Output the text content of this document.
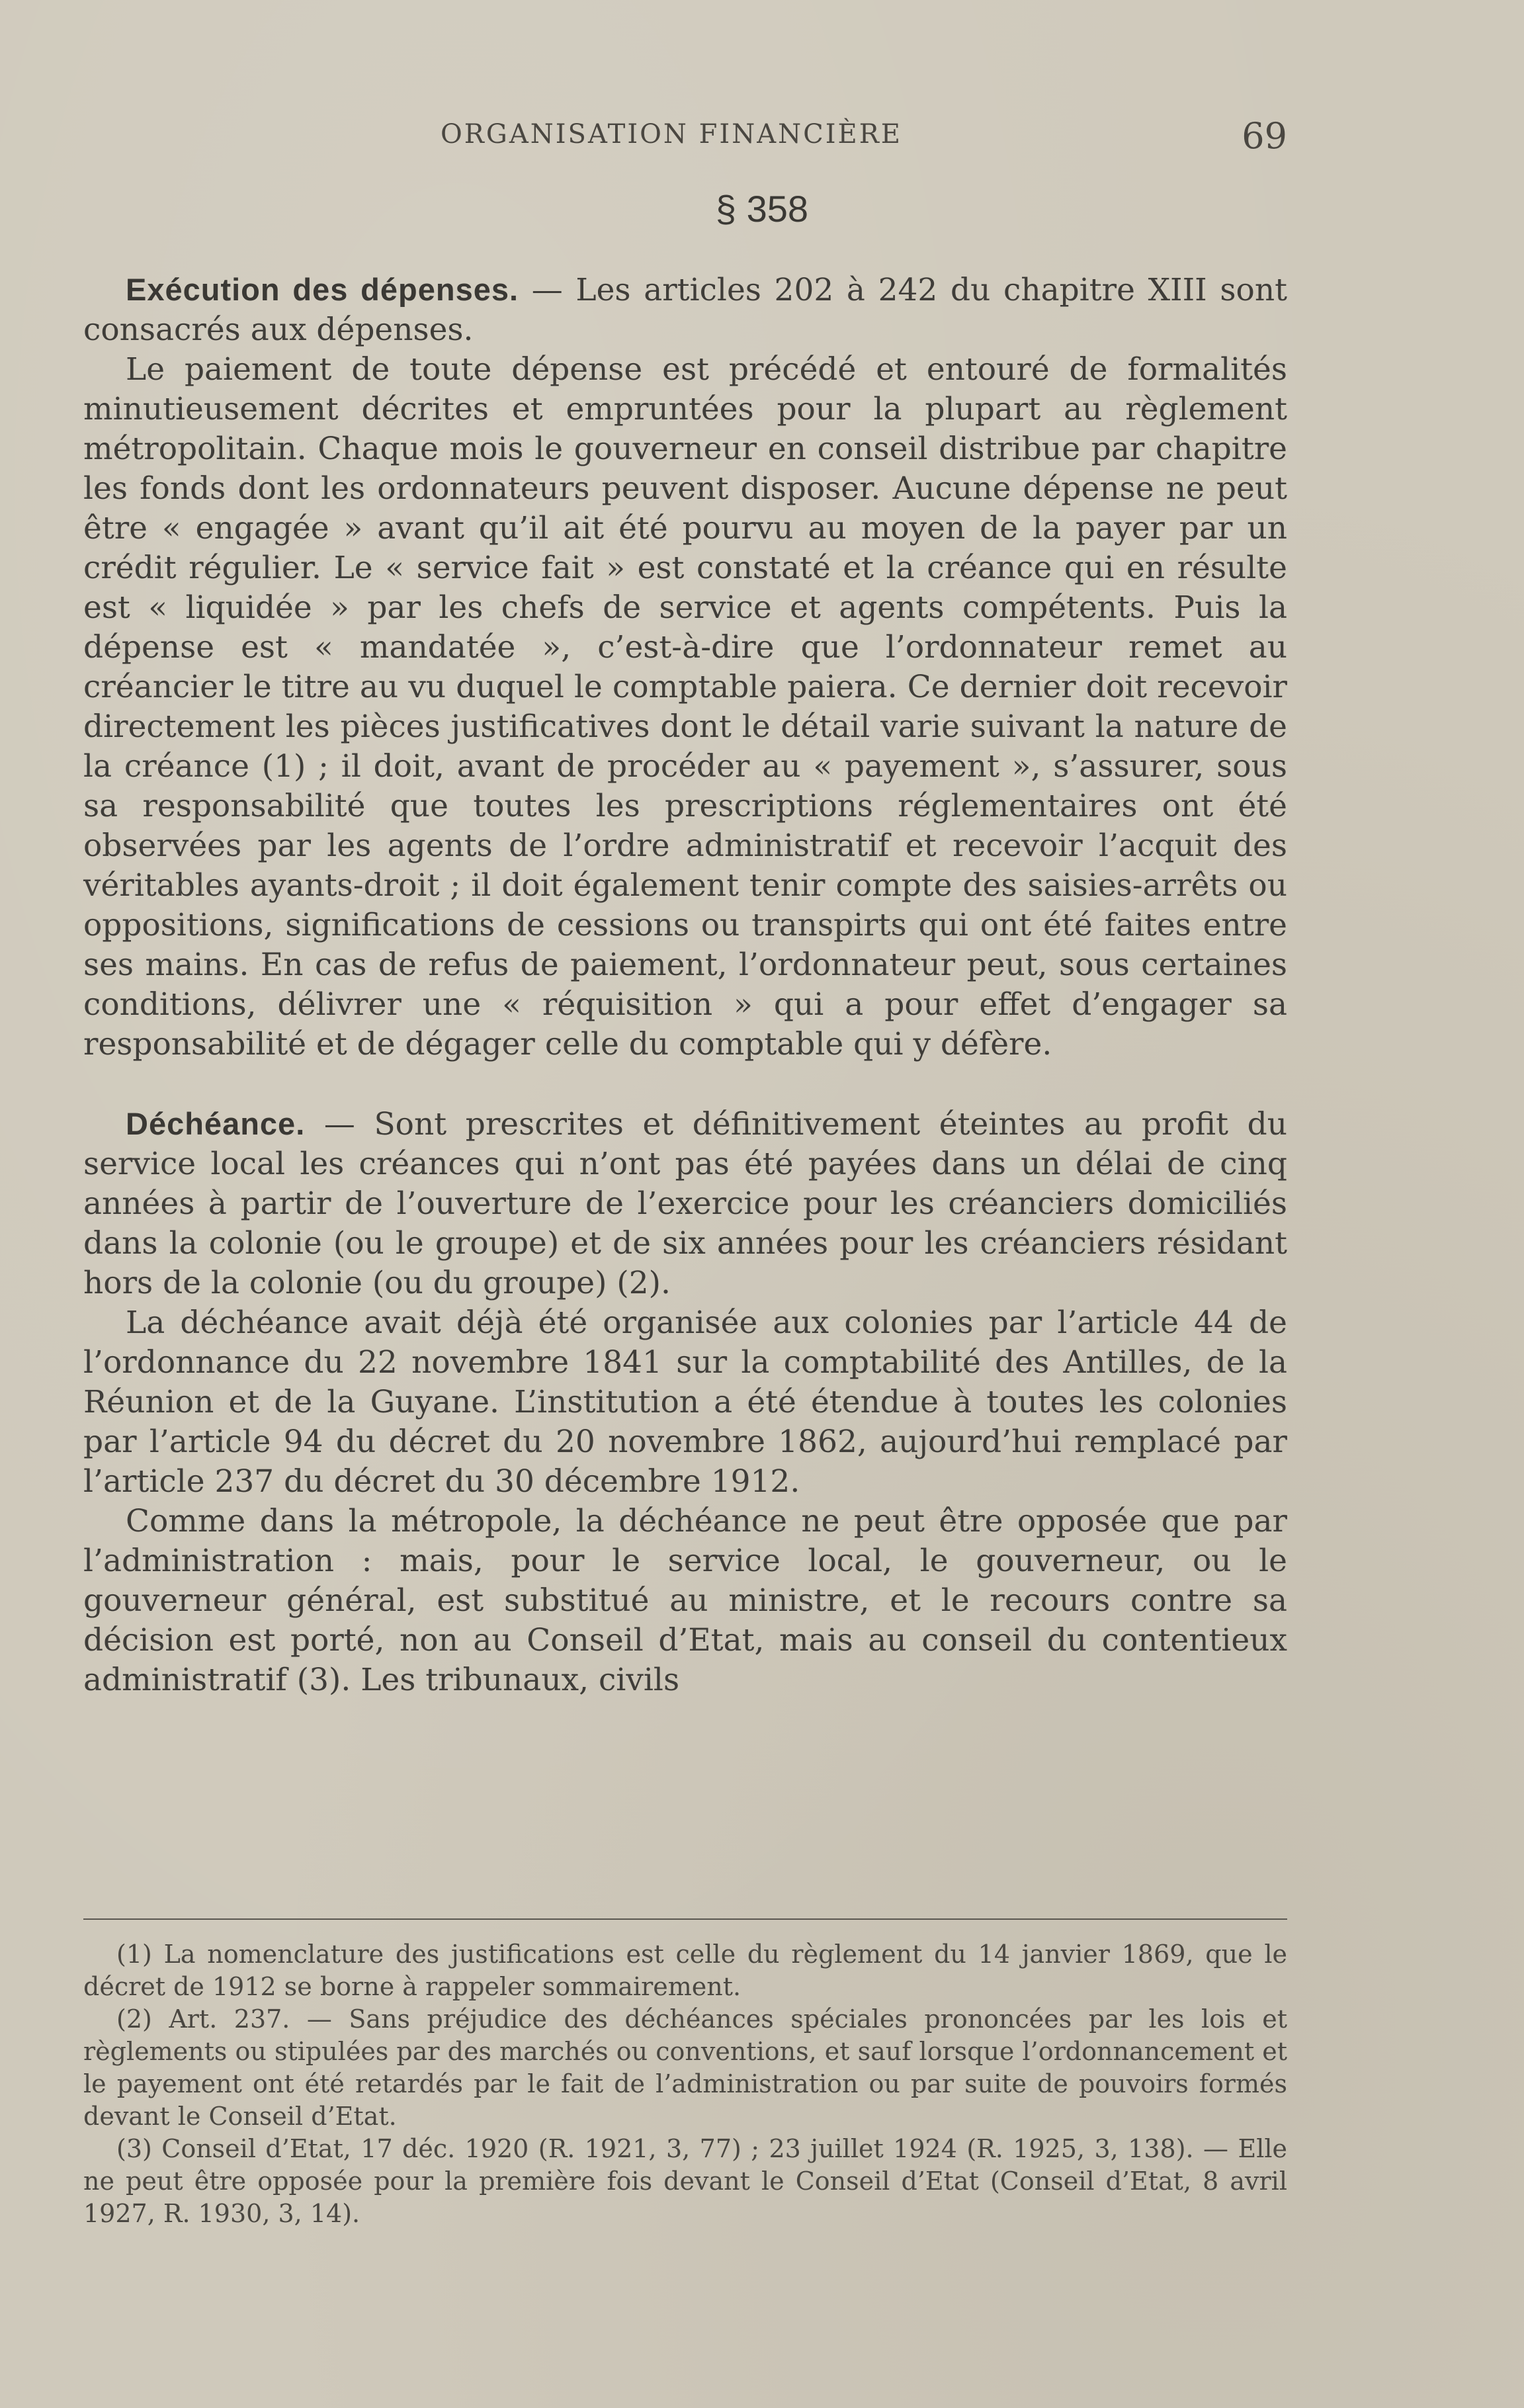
ORGANISATION FINANCIÈRE	69
§ 358

Exécution des dépenses. — Les articles 202 à 242 du chapitre XIII sont consacrés aux dépenses.

Le paiement de toute dépense est précédé et entouré de formalités minutieusement décrites et empruntées pour la plupart au règlement métropolitain. Chaque mois le gouverneur en conseil distribue par chapitre les fonds dont les ordonnateurs peuvent disposer. Aucune dépense ne peut être « engagée » avant qu’il ait été pourvu au moyen de la payer par un crédit régulier. Le « service fait » est constaté et la créance qui en résulte est « liquidée » par les chefs de service et agents compétents. Puis la dépense est « mandatée », c’est-à-dire que l’ordonnateur remet au créancier le titre au vu duquel le comptable paiera. Ce dernier doit recevoir directement les pièces justificatives dont le détail varie suivant la nature de la créance (1) ; il doit, avant de procéder au « payement », s’assurer, sous sa responsabilité que toutes les prescriptions réglementaires ont été observées par les agents de l’ordre administratif et recevoir l’acquit des véritables ayants-droit ; il doit également tenir compte des saisies-arrêts ou oppositions, significations de cessions ou transpirts qui ont été faites entre ses mains. En cas de refus de paiement, l’ordonnateur peut, sous certaines conditions, délivrer une « réquisition » qui a pour effet d’engager sa responsabilité et de dégager celle du comptable qui y défère.

Déchéance. — Sont prescrites et définitivement éteintes au profit du service local les créances qui n’ont pas été payées dans un délai de cinq années à partir de l’ouverture de l’exercice pour les créanciers domiciliés dans la colonie (ou le groupe) et de six années pour les créanciers résidant hors de la colonie (ou du groupe) (2).

La déchéance avait déjà été organisée aux colonies par l’article 44 de l’ordonnance du 22 novembre 1841 sur la comptabilité des Antilles, de la Réunion et de la Guyane. L’institution a été étendue à toutes les colonies par l’article 94 du décret du 20 novembre 1862, aujourd’hui remplacé par l’article 237 du décret du 30 décembre 1912.

Comme dans la métropole, la déchéance ne peut être opposée que par l’administration : mais, pour le service local, le gouverneur, ou le gouverneur général, est substitué au ministre, et le recours contre sa décision est porté, non au Conseil d’Etat, mais au conseil du contentieux administratif (3). Les tribunaux, civils

(1) La nomenclature des justifications est celle du règlement du 14 janvier 1869, que le décret de 1912 se borne à rappeler sommairement.

(2) Art. 237. — Sans préjudice des déchéances spéciales prononcées par les lois et règlements ou stipulées par des marchés ou conventions, et sauf lorsque l’ordonnancement et le payement ont été retardés par le fait de l’administration ou par suite de pouvoirs formés devant le Conseil d’Etat.

(3) Conseil d’Etat, 17 déc. 1920 (R. 1921, 3, 77) ; 23 juillet 1924 (R. 1925, 3, 138). — Elle ne peut être opposée pour la première fois devant le Conseil d’Etat (Conseil d’Etat, 8 avril 1927, R. 1930, 3, 14).
